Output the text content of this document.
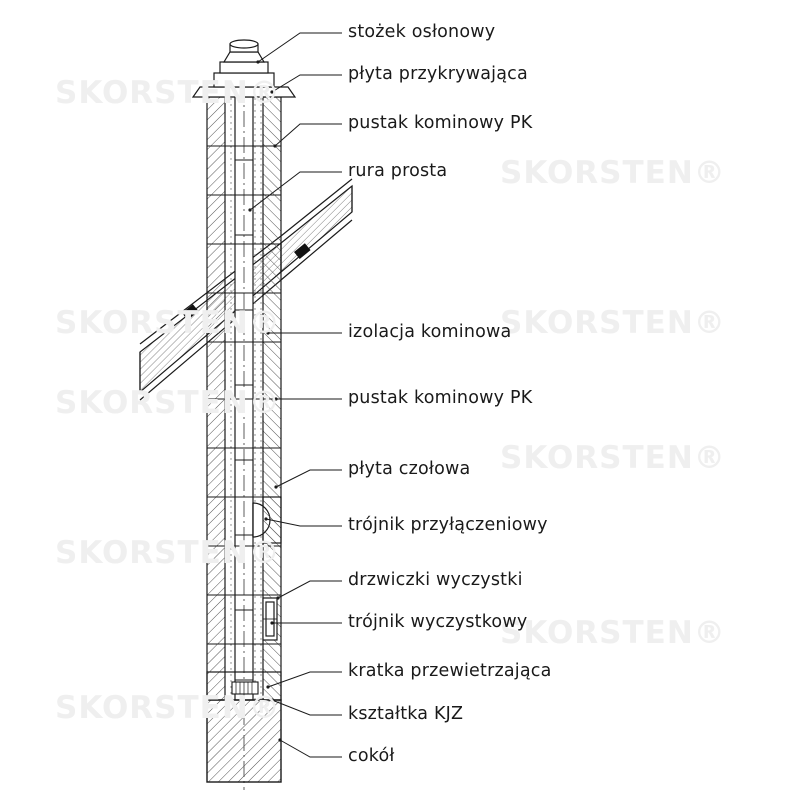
SKORSTEN®
SKORSTEN®
SKORSTEN®	SKORSTEN®
SKORSTEN®
SKORSTEN®
SKORSTEN®
SKORSTEN®
SKORSTEN®
stożek osłonowy
płyta przykrywająca
pustak kominowy PK
rura prosta
izolacja kominowa
pustak kominowy PK
płyta czołowa
trójnik przyłączeniowy
drzwiczki wyczystki
trójnik wyczystkowy
kratka przewietrzająca
kształtka KJZ
cokół
